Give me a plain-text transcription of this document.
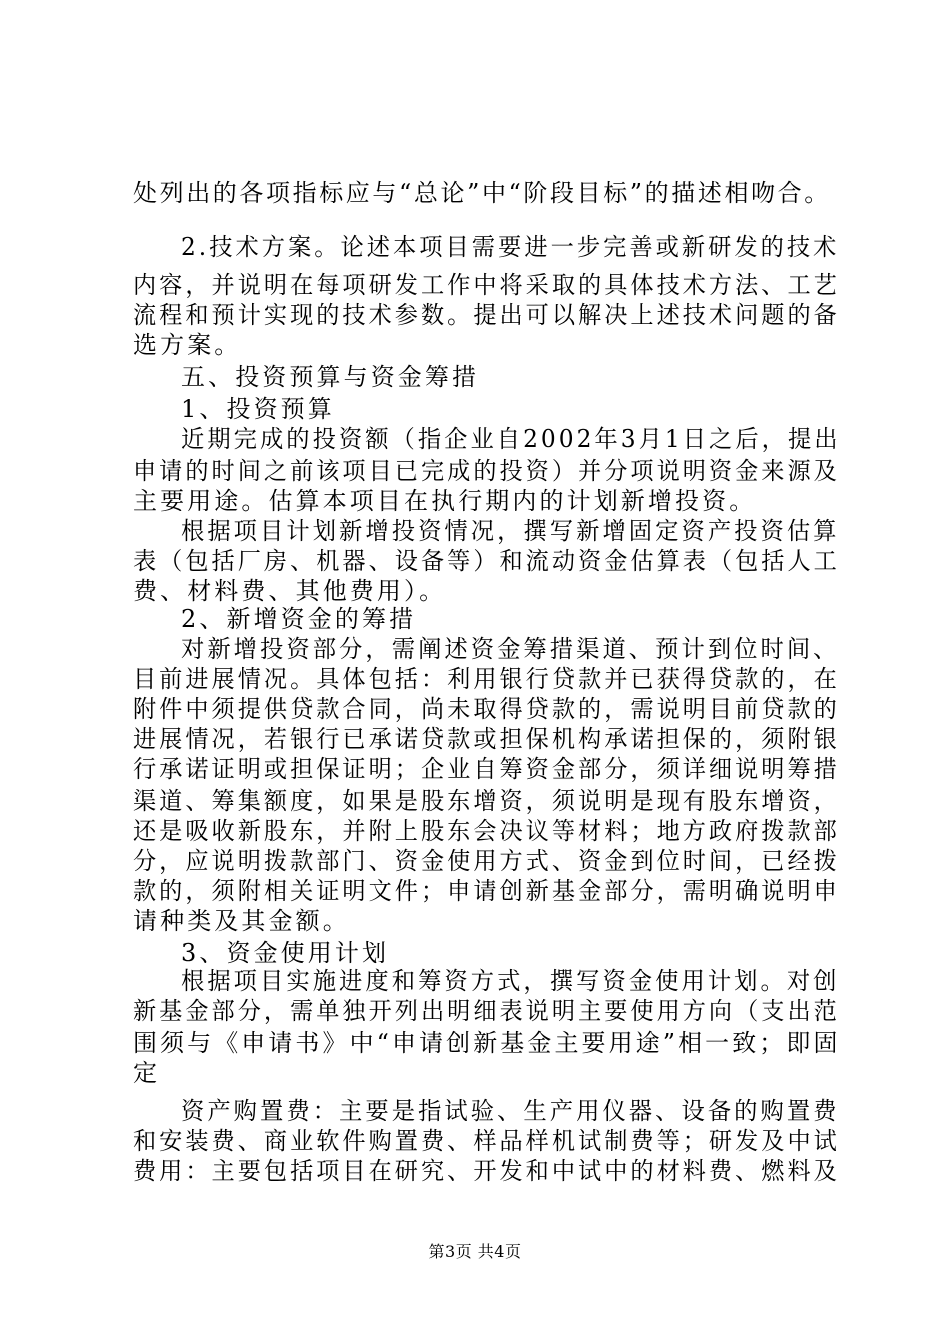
处列出的各项指标应与“总论”中“阶段目标”的描述相吻合。
2.技术方案。论述本项目需要进一步完善或新研发的技术
内容，并说明在每项研发工作中将采取的具体技术方法、工艺
流程和预计实现的技术参数。提出可以解决上述技术问题的备
选方案。
五、投资预算与资金筹措
1、投资预算
近期完成的投资额（指企业自2002年3月1日之后，提出
申请的时间之前该项目已完成的投资）并分项说明资金来源及
主要用途。估算本项目在执行期内的计划新增投资。
根据项目计划新增投资情况，撰写新增固定资产投资估算
表（包括厂房、机器、设备等）和流动资金估算表（包括人工
费、材料费、其他费用）。
2、新增资金的筹措
对新增投资部分，需阐述资金筹措渠道、预计到位时间、
目前进展情况。具体包括：利用银行贷款并已获得贷款的，在
附件中须提供贷款合同，尚未取得贷款的，需说明目前贷款的
进展情况，若银行已承诺贷款或担保机构承诺担保的，须附银
行承诺证明或担保证明；企业自筹资金部分，须详细说明筹措
渠道、筹集额度，如果是股东增资，须说明是现有股东增资，
还是吸收新股东，并附上股东会决议等材料；地方政府拨款部
分，应说明拨款部门、资金使用方式、资金到位时间，已经拨
款的，须附相关证明文件；申请创新基金部分，需明确说明申
请种类及其金额。
3、资金使用计划
根据项目实施进度和筹资方式，撰写资金使用计划。对创
新基金部分，需单独开列出明细表说明主要使用方向（支出范
围须与《申请书》中“申请创新基金主要用途”相一致；即固
定
资产购置费：主要是指试验、生产用仪器、设备的购置费
和安装费、商业软件购置费、样品样机试制费等；研发及中试
费用：主要包括项目在研究、开发和中试中的材料费、燃料及
第3页 共4页
